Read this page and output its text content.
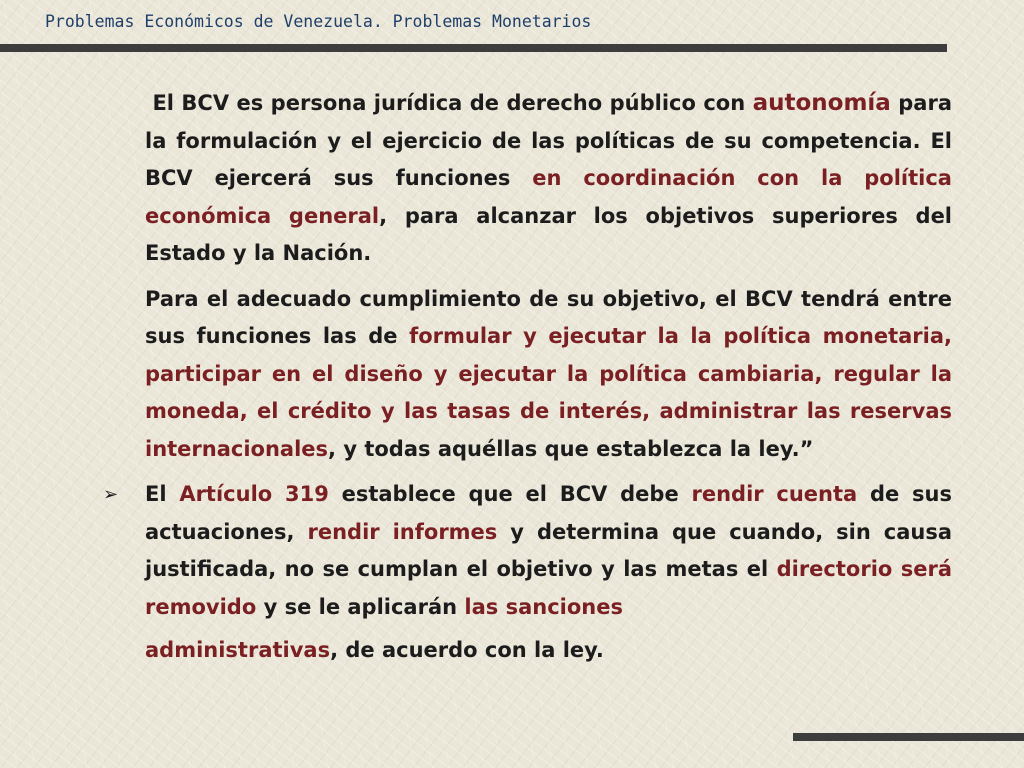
Problemas Económicos de Venezuela. Problemas Monetarios

El BCV es persona jurídica de derecho público con autonomía para la formulación y el ejercicio de las políticas de su competencia. El BCV ejercerá sus funciones en coordinación con la política económica general, para alcanzar los objetivos superiores del Estado y la Nación.

Para el adecuado cumplimiento de su objetivo, el BCV tendrá entre sus funciones las de formular y ejecutar la la política monetaria, participar en el diseño y ejecutar la política cambiaria, regular la moneda, el crédito y las tasas de interés, administrar las reservas internacionales, y todas aquéllas que establezca la ley.”

➢ El Artículo 319 establece que el BCV debe rendir cuenta de sus actuaciones, rendir informes y determina que cuando, sin causa justificada, no se cumplan el objetivo y las metas el directorio será removido y se le aplicarán las sanciones
administrativas, de acuerdo con la ley.
